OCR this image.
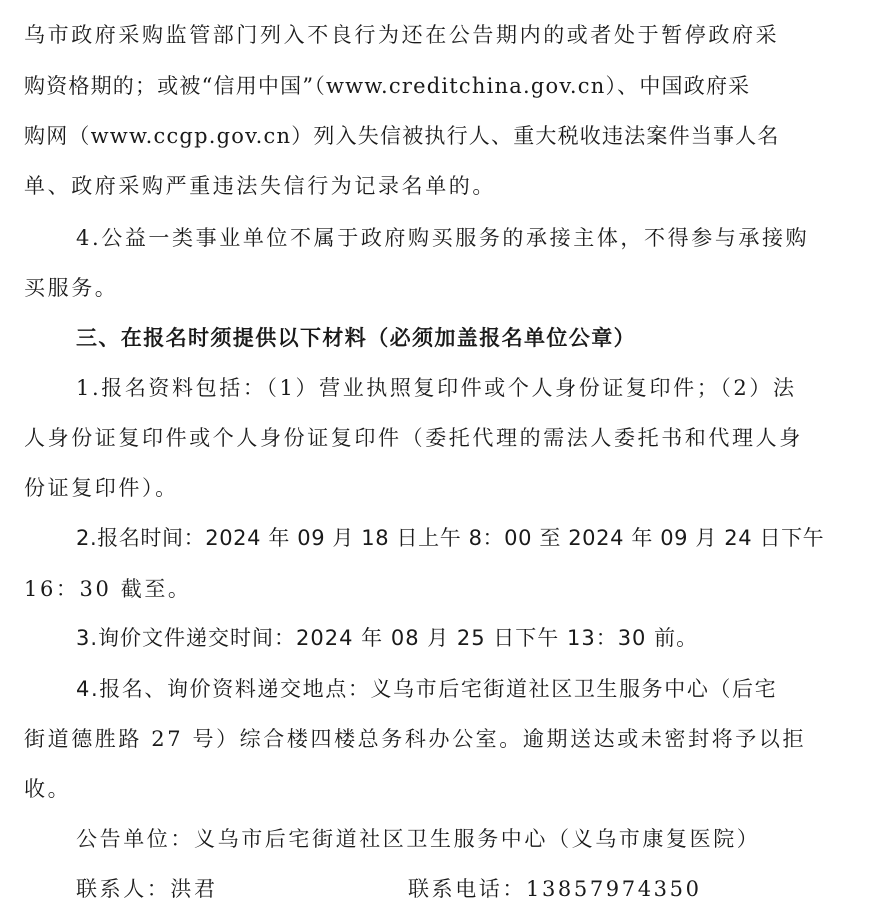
乌市政府采购监管部门列入不良行为还在公告期内的或者处于暂停政府采
购资格期的；或被“信用中国”（www.creditchina.gov.cn）、中国政府采
购网（www.ccgp.gov.cn）列入失信被执行人、重大税收违法案件当事人名
单、政府采购严重违法失信行为记录名单的。
4.公益一类事业单位不属于政府购买服务的承接主体，不得参与承接购
买服务。
三、在报名时须提供以下材料（必须加盖报名单位公章）
1.报名资料包括：（1）营业执照复印件或个人身份证复印件；（2）法
人身份证复印件或个人身份证复印件（委托代理的需法人委托书和代理人身
份证复印件）。
2.报名时间：2024 年 09 月 18 日上午 8：00 至 2024 年 09 月 24 日下午
16：30 截至。
3.询价文件递交时间：2024 年 08 月 25 日下午 13：30 前。
4.报名、询价资料递交地点：义乌市后宅街道社区卫生服务中心（后宅
街道德胜路 27 号）综合楼四楼总务科办公室。逾期送达或未密封将予以拒
收。
公告单位：义乌市后宅街道社区卫生服务中心（义乌市康复医院）
联系人：洪君	联系电话：13857974350
